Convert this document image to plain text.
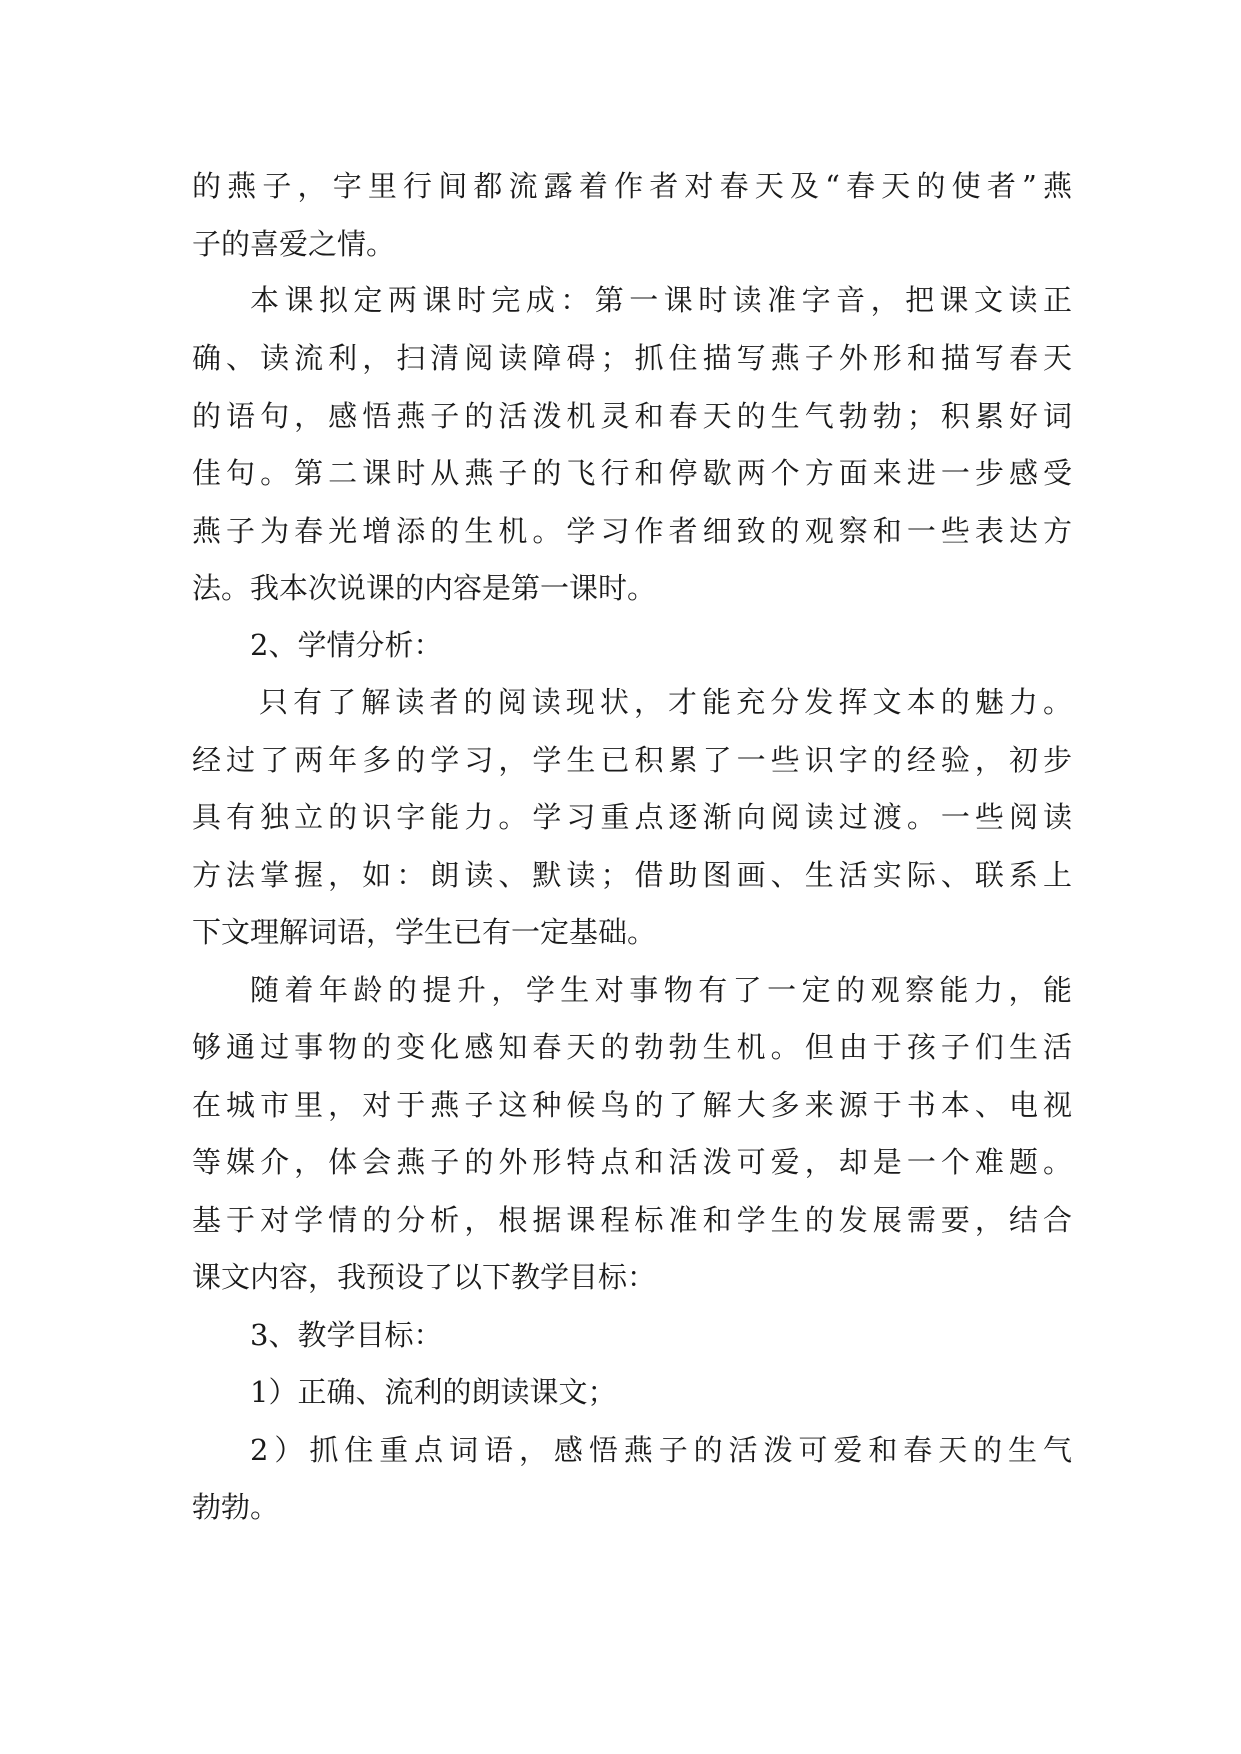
的燕子，字里行间都流露着作者对春天及“春天的使者”燕
子的喜爱之情。
本课拟定两课时完成：第一课时读准字音，把课文读正
确、读流利，扫清阅读障碍；抓住描写燕子外形和描写春天
的语句，感悟燕子的活泼机灵和春天的生气勃勃；积累好词
佳句。第二课时从燕子的飞行和停歇两个方面来进一步感受
燕子为春光增添的生机。学习作者细致的观察和一些表达方
法。我本次说课的内容是第一课时。
2、学情分析：
只有了解读者的阅读现状，才能充分发挥文本的魅力。
经过了两年多的学习，学生已积累了一些识字的经验，初步
具有独立的识字能力。学习重点逐渐向阅读过渡。一些阅读
方法掌握，如：朗读、默读；借助图画、生活实际、联系上
下文理解词语，学生已有一定基础。
随着年龄的提升，学生对事物有了一定的观察能力，能
够通过事物的变化感知春天的勃勃生机。但由于孩子们生活
在城市里，对于燕子这种候鸟的了解大多来源于书本、电视
等媒介，体会燕子的外形特点和活泼可爱，却是一个难题。
基于对学情的分析，根据课程标准和学生的发展需要，结合
课文内容，我预设了以下教学目标：
3、教学目标：
1）正确、流利的朗读课文；
2）抓住重点词语，感悟燕子的活泼可爱和春天的生气
勃勃。
